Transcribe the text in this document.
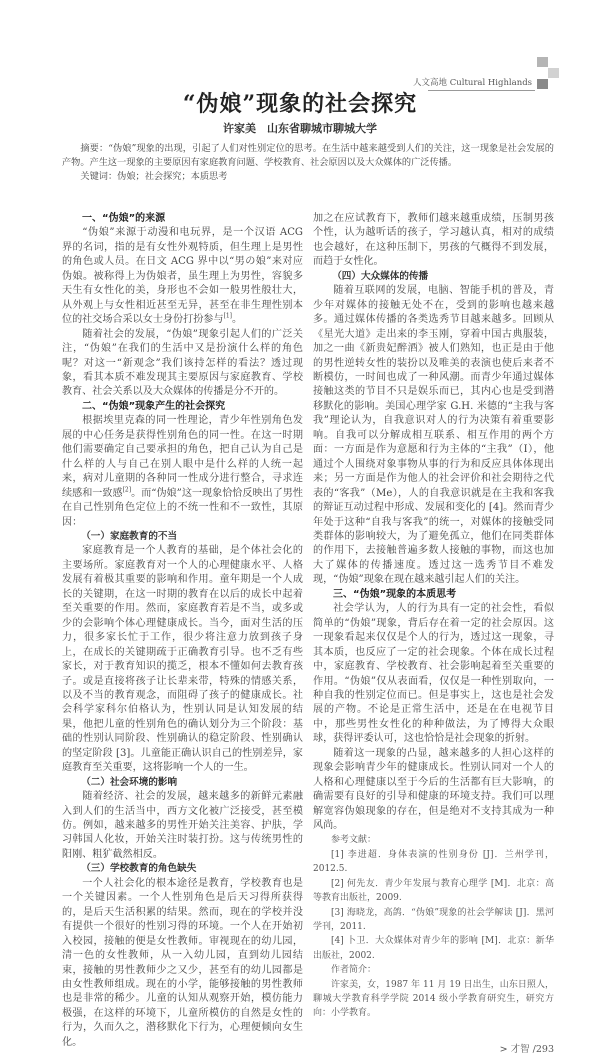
人文高地 Cultural Highlands
“伪娘”现象的社会探究
许家美　山东省聊城市聊城大学
摘要：“伪娘”现象的出现，引起了人们对性别定位的思考。在生活中越来越受到人们的关注，这一现象是社会发展的产物。产生这一现象的主要原因有家庭教育问题、学校教育、社会原因以及大众媒体的广泛传播。
关键词：伪娘；社会探究；本质思考
一、“伪娘”的来源

“伪娘”来源于动漫和电玩界，是一个汉语 ACG 界的名词，指的是有女性外观特质，但生理上是男性的角色或人员。在日文 ACG 界中以“男の娘”来对应伪娘。被称得上为伪娘者，虽生理上为男性，容貌多天生有女性化的美，身形也不会如一般男性般壮大，从外观上与女性相近甚至无异，甚至在非生理性别本位的社交场合采以女士身份打扮参与[1]。

随着社会的发展，“伪娘”现象引起人们的广泛关注，“伪娘”在我们的生活中又是扮演什么样的角色呢？对这一“新观念”我们该持怎样的看法？透过现象，看其本质不难发现其主要原因与家庭教育、学校教育、社会关系以及大众媒体的传播是分不开的。

二、“伪娘”现象产生的社会探究

根据埃里克森的同一性理论，青少年性别角色发展的中心任务是获得性别角色的同一性。在这一时期他们需要确定自己要承担的角色，把自己认为自己是什么样的人与自己在别人眼中是什么样的人统一起来，病对儿童期的各种同一性成分进行整合，寻求连续感和一致感[2]。而“伪娘”这一现象恰恰反映出了男性在自己性别角色定位上的不统一性和不一致性，其原因：

（一）家庭教育的不当

家庭教育是一个人教育的基础，是个体社会化的主要场所。家庭教育对一个人的心理健康水平、人格发展有着极其重要的影响和作用。童年期是一个人成长的关键期，在这一时期的教育在以后的成长中起着至关重要的作用。然而，家庭教育若是不当，或多或少的会影响个体心理健康成长。当今，面对生活的压力，很多家长忙于工作，很少将注意力放到孩子身上，在成长的关键期疏于正确教育引导。也不乏有些家长，对于教育知识的揽乏，根本不懂如何去教育孩子。或是直接将孩子让长辈来带，特殊的情感关系，以及不当的教育观念，而阻碍了孩子的健康成长。社会科学家科尔伯格认为，性别认同是认知发展的结果，他把儿童的性别角色的确认划分为三个阶段：基础的性别认同阶段、性别确认的稳定阶段、性别确认的坚定阶段 [3]。儿童能正确认识自己的性别差异，家庭教育至关重要，这将影响一个人的一生。

（二）社会环境的影响

随着经济、社会的发展，越来越多的新鲜元素融入到人们的生活当中，西方文化被广泛接受，甚至模仿。例如，越来越多的男性开始关注美容、护肤，学习韩国人化妆，开始关注时装打扮。这与传统男性的阳刚、粗犷截然相反。

（三）学校教育的角色缺失

一个人社会化的根本途径是教育，学校教育也是一个关键因素。一个人性别角色是后天习得所获得的，是后天生活积累的结果。然而，现在的学校并没有提供一个很好的性别习得的环境。一个人在开始初入校园，接触的便是女性教师。审视现在的幼儿园，清一色的女性教师，从一入幼儿园，直到幼儿园结束，接触的男性教师少之又少，甚至有的幼儿园都是由女性教师组成。现在的小学，能够接触的男性教师也是非常的稀少。儿童的认知从观察开始，模仿能力极强，在这样的环境下，儿童所模仿的自然是女性的行为，久而久之，潜移默化下行为，心理便倾向女生化。

加之在应试教育下，教师们越来越重成绩，压制男孩个性，认为越听话的孩子，学习越认真，相对的成绩也会越好，在这种压制下，男孩的气概得不到发展，而趋于女性化。

（四）大众媒体的传播

随着互联网的发展，电脑、智能手机的普及，青少年对媒体的接触无处不在，受到的影响也越来越多。通过媒体传播的各类选秀节目越来越多。回顾从《星光大道》走出来的李玉刚，穿着中国古典服装，加之一曲《新贵妃醉酒》被人们熟知，也正是由于他的男性逆转女性的装扮以及唯美的表演也使后来者不断模仿，一时间也成了一种风潮。而青少年通过媒体接触这类的节目不只是娱乐而已，其内心也是受到潜移默化的影响。美国心理学家 G.H. 米德的“主我与客我”理论认为，自我意识对人的行为决策有着重要影响。自我可以分解成相互联系、相互作用的两个方面：一方面是作为意愿和行为主体的“主我”（I），他通过个人围绕对象事物从事的行为和反应具体体现出来；另一方面是作为他人的社会评价和社会期待之代表的“客我”（Me），人的自我意识就是在主我和客我的辩证互动过程中形成、发展和变化的 [4]。然而青少年处于这种“自我与客我”的统一，对媒体的接触受同类群体的影响较大，为了避免孤立，他们在同类群体的作用下，去接触普遍多数人接触的事物，而这也加大了媒体的传播速度。透过这一选秀节目不难发现，“伪娘”现象在现在越来越引起人们的关注。

三、“伪娘”现象的本质思考

社会学认为，人的行为具有一定的社会性，看似简单的“伪娘”现象，背后存在着一定的社会原因。这一现象看起来仅仅是个人的行为，透过这一现象，寻其本质，也反应了一定的社会现象。个体在成长过程中，家庭教育、学校教育、社会影响起着至关重要的作用。“伪娘”仅从表面看，仅仅是一种性别取向，一种自我的性别定位而已。但是事实上，这也是社会发展的产物。不论是正常生活中，还是在在电视节目中，那些男性女性化的种种做法，为了博得大众眼球，获得评委认可，这也恰恰是社会现象的折射。

随着这一现象的凸显，越来越多的人担心这样的现象会影响青少年的健康成长。性别认同对一个人的人格和心理健康以至于今后的生活都有巨大影响，的确需要有良好的引导和健康的环境支持。我们可以理解宽容伪娘现象的存在，但是绝对不支持其成为一种风尚。

参考文献：

[1] 李进超．身体表演的性别身份 [J]．兰州学刊，2012.5.

[2] 何先友．青少年发展与教育心理学 [M]．北京：高等教育出版社，2009.

[3] 海晓龙，高鸽．“伪娘”现象的社会学解读 [J]．黑河学刊，2011.

[4] 卜卫．大众媒体对青少年的影响 [M]．北京：新华出版社，2002.

作者简介：

许家美，女，1987 年 11 月 19 日出生，山东日照人，聊城大学教育科学学院 2014 级小学教育研究生，研究方向：小学教育。

> 才智 /293
